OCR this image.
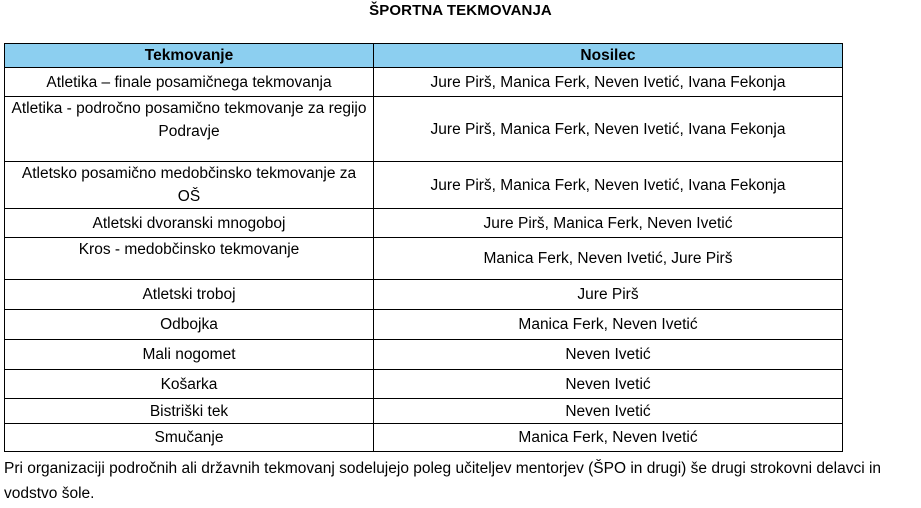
ŠPORTNA TEKMOVANJA
Tekmovanje	Nosilec
Atletika – finale posamičnega tekmovanja	Jure Pirš, Manica Ferk, Neven Ivetić, Ivana Fekonja
Atletika - področno posamično tekmovanje za regijo Podravje	Jure Pirš, Manica Ferk, Neven Ivetić, Ivana Fekonja
Atletsko posamično medobčinsko tekmovanje za OŠ	Jure Pirš, Manica Ferk, Neven Ivetić, Ivana Fekonja
Atletski dvoranski mnogoboj	Jure Pirš, Manica Ferk, Neven Ivetić
Kros - medobčinsko tekmovanje	Manica Ferk, Neven Ivetić, Jure Pirš
Atletski troboj	Jure Pirš
Odbojka	Manica Ferk, Neven Ivetić
Mali nogomet	Neven Ivetić
Košarka	Neven Ivetić
Bistriški tek	Neven Ivetić
Smučanje	Manica Ferk, Neven Ivetić
Pri organizaciji področnih ali državnih tekmovanj sodelujejo poleg učiteljev mentorjev (ŠPO in drugi) še drugi strokovni delavci in vodstvo šole.
